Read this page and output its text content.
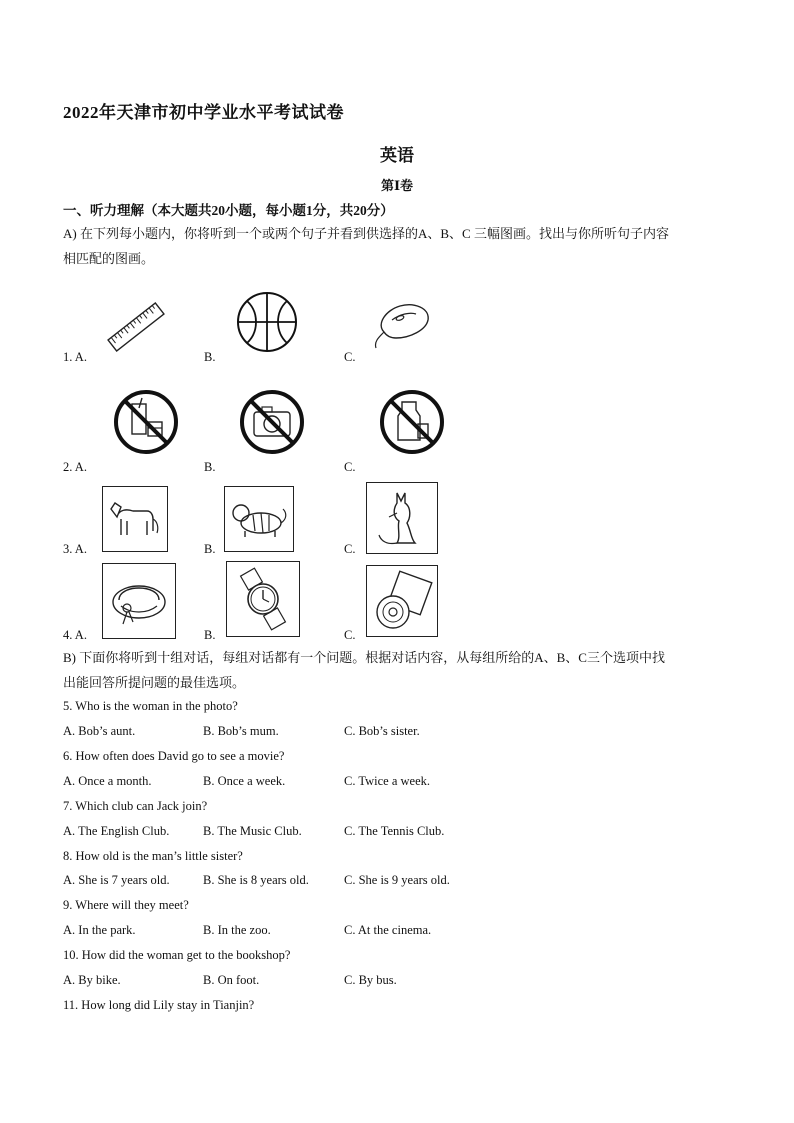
2022年天津市初中学业水平考试试卷
英语
第Ⅰ卷
一、听力理解（本大题共20小题，每小题1分，共20分）
A) 在下列每小题内，你将听到一个或两个句子并看到供选择的A、B、C 三幅图画。找出与你所听句子内容
相匹配的图画。
1. A.	B.	C.
2. A.	B.	C.
3. A.	B.	C.
4. A.	B.	C.
B) 下面你将听到十组对话，每组对话都有一个问题。根据对话内容，从每组所给的A、B、C三个选项中找
出能回答所提问题的最佳选项。
5. Who is the woman in the photo?
A. Bob’s aunt.	B. Bob’s mum.	C. Bob’s sister.
6. How often does David go to see a movie?
A. Once a month.	B. Once a week.	C. Twice a week.
7. Which club can Jack join?
A. The English Club.	B. The Music Club.	C. The Tennis Club.
8. How old is the man’s little sister?
A. She is 7 years old.	B. She is 8 years old.	C. She is 9 years old.
9. Where will they meet?
A. In the park.	B. In the zoo.	C. At the cinema.
10. How did the woman get to the bookshop?
A. By bike.	B. On foot.	C. By bus.
11. How long did Lily stay in Tianjin?
